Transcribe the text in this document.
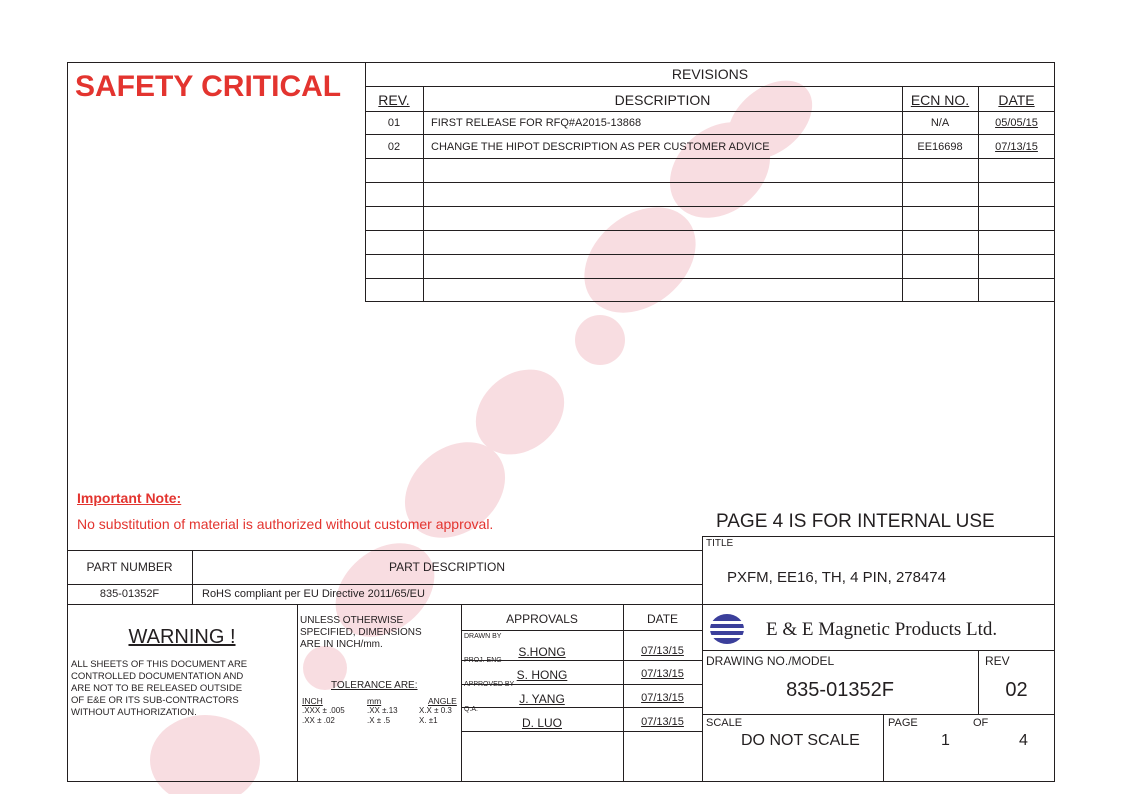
SAFETY CRITICAL	REVISIONS
REV.	DESCRIPTION	ECN NO.	DATE
01	FIRST RELEASE FOR RFQ#A2015-13868	N/A	05/05/15
02	CHANGE THE HIPOT DESCRIPTION AS PER CUSTOMER ADVICE	EE16698	07/13/15
Important Note:
No substitution of material is authorized without customer approval.	PAGE 4 IS FOR INTERNAL USE
PART NUMBER	PART DESCRIPTION
835-01352F	RoHS compliant per EU Directive 2011/65/EU
WARNING !
ALL SHEETS OF THIS DOCUMENT ARE
CONTROLLED DOCUMENTATION AND
ARE NOT TO BE RELEASED OUTSIDE
OF E&E OR ITS SUB-CONTRACTORS
WITHOUT AUTHORIZATION.
UNLESS OTHERWISE
SPECIFIED, DIMENSIONS
ARE IN INCH/mm.
TOLERANCE ARE:
INCH	mm	ANGLE
.XXX ± .005	.XX ±.13	X.X ± 0.3
.XX ± .02	.X ± .5	X. ±1
APPROVALS	DATE
DRAWN BY
S.HONG	07/13/15
PROJ. ENG
S. HONG	07/13/15
APPROVED BY
J. YANG	07/13/15
Q.A.
D. LUO	07/13/15
TITLE
PXFM, EE16, TH, 4 PIN, 278474
E & E Magnetic Products Ltd.
DRAWING NO./MODEL	REV
835-01352F	02
SCALE
DO NOT SCALE
PAGE	OF
1	4
